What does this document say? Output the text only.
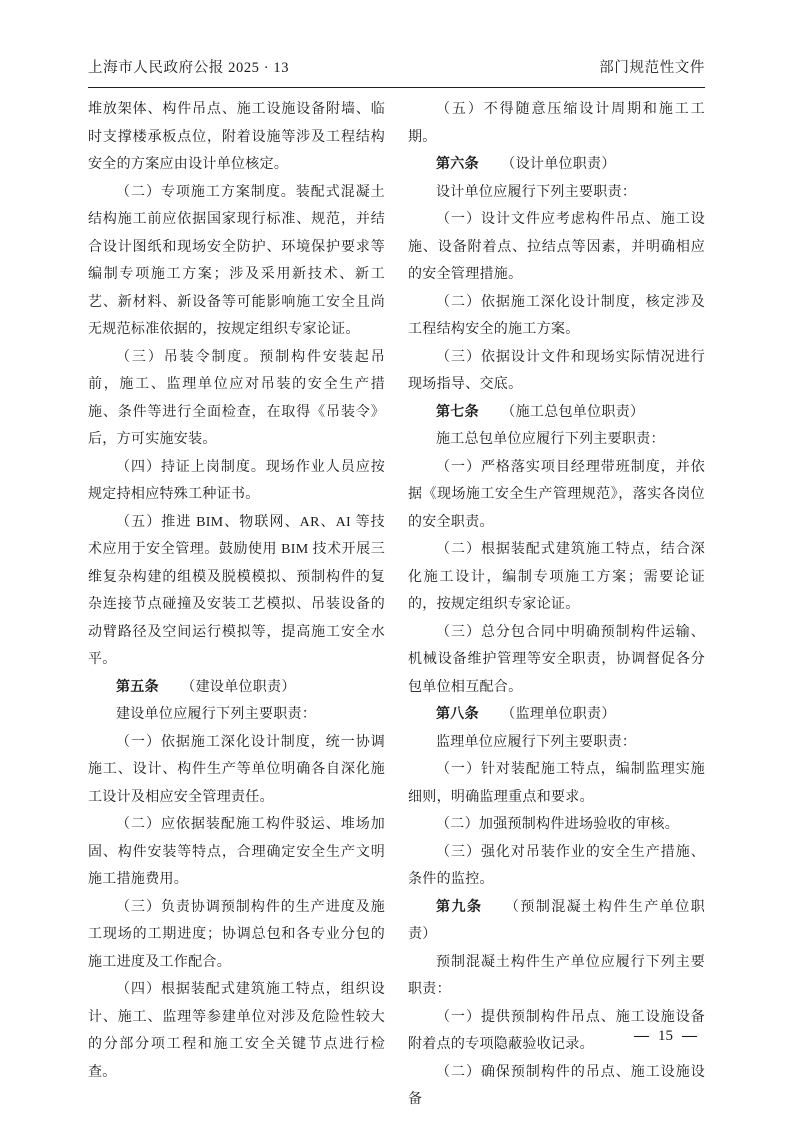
上海市人民政府公报 2025 · 13	部门规范性文件

堆放架体、构件吊点、施工设施设备附墙、临时支撑楼承板点位，附着设施等涉及工程结构安全的方案应由设计单位核定。

（二）专项施工方案制度。装配式混凝土结构施工前应依据国家现行标准、规范，并结合设计图纸和现场安全防护、环境保护要求等编制专项施工方案；涉及采用新技术、新工艺、新材料、新设备等可能影响施工安全且尚无规范标准依据的，按规定组织专家论证。

（三）吊装令制度。预制构件安装起吊前，施工、监理单位应对吊装的安全生产措施、条件等进行全面检查，在取得《吊装令》后，方可实施安装。

（四）持证上岗制度。现场作业人员应按规定持相应特殊工种证书。

（五）推进 BIM、物联网、AR、AI 等技术应用于安全管理。鼓励使用 BIM 技术开展三维复杂构建的组模及脱模模拟、预制构件的复杂连接节点碰撞及安装工艺模拟、吊装设备的动臂路径及空间运行模拟等，提高施工安全水平。

第五条 （建设单位职责）

建设单位应履行下列主要职责：

（一）依据施工深化设计制度，统一协调施工、设计、构件生产等单位明确各自深化施工设计及相应安全管理责任。

（二）应依据装配施工构件驳运、堆场加固、构件安装等特点，合理确定安全生产文明施工措施费用。

（三）负责协调预制构件的生产进度及施工现场的工期进度；协调总包和各专业分包的施工进度及工作配合。

（四）根据装配式建筑施工特点，组织设计、施工、监理等参建单位对涉及危险性较大的分部分项工程和施工安全关键节点进行检查。

（五）不得随意压缩设计周期和施工工期。

第六条 （设计单位职责）

设计单位应履行下列主要职责：

（一）设计文件应考虑构件吊点、施工设施、设备附着点、拉结点等因素，并明确相应的安全管理措施。

（二）依据施工深化设计制度，核定涉及工程结构安全的施工方案。

（三）依据设计文件和现场实际情况进行现场指导、交底。

第七条 （施工总包单位职责）

施工总包单位应履行下列主要职责：

（一）严格落实项目经理带班制度，并依据《现场施工安全生产管理规范》，落实各岗位的安全职责。

（二）根据装配式建筑施工特点，结合深化施工设计，编制专项施工方案；需要论证的，按规定组织专家论证。

（三）总分包合同中明确预制构件运输、机械设备维护管理等安全职责，协调督促各分包单位相互配合。

第八条 （监理单位职责）

监理单位应履行下列主要职责：

（一）针对装配施工特点，编制监理实施细则，明确监理重点和要求。

（二）加强预制构件进场验收的审核。

（三）强化对吊装作业的安全生产措施、条件的监控。

第九条 （预制混凝土构件生产单位职责）

预制混凝土构件生产单位应履行下列主要职责：

（一）提供预制构件吊点、施工设施设备附着点的专项隐蔽验收记录。

（二）确保预制构件的吊点、施工设施设备

— 15 —
